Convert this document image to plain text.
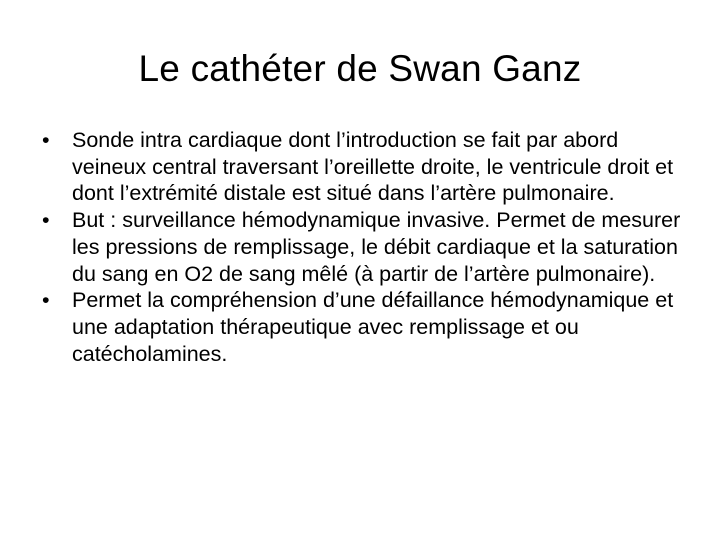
Le cathéter de Swan Ganz
•	Sonde intra cardiaque dont l’introduction se fait par abord veineux central traversant l’oreillette droite, le ventricule droit et dont l’extrémité distale est situé dans l’artère pulmonaire.
•	But : surveillance hémodynamique invasive. Permet de mesurer les pressions de remplissage, le débit cardiaque et la saturation du sang en O2 de sang mêlé (à partir de l’artère pulmonaire).
•	Permet la compréhension d’une défaillance hémodynamique et une adaptation thérapeutique avec remplissage et ou catécholamines.
